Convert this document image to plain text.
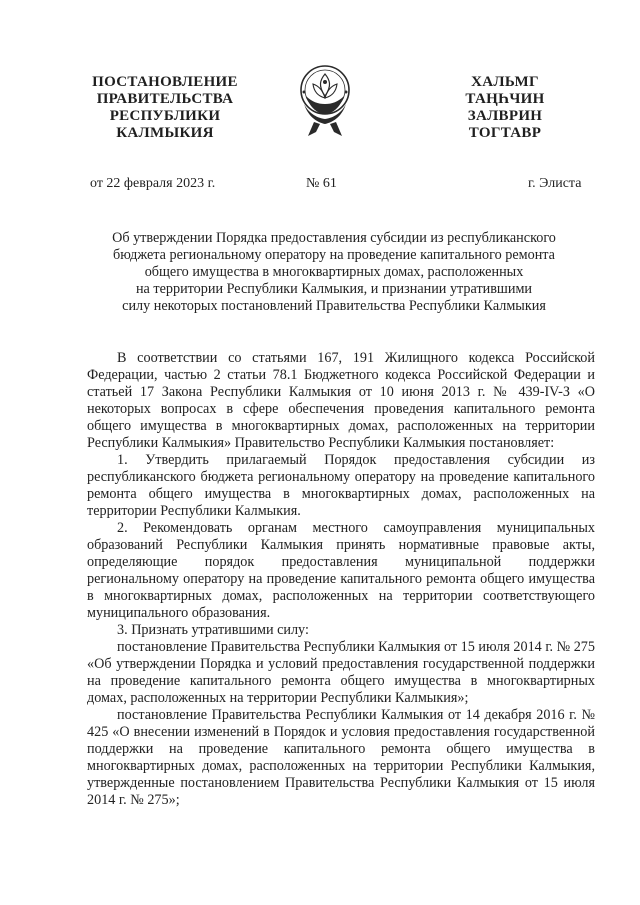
ПОСТАНОВЛЕНИЕ
ПРАВИТЕЛЬСТВА
РЕСПУБЛИКИ
КАЛМЫКИЯ
ХАЛЬМГ
ТАҢҺЧИН
ЗАЛВРИН
ТОГТАВР
от 22 февраля 2023 г.	№ 61	г. Элиста
Об утверждении Порядка предоставления субсидии из республиканского
бюджета региональному оператору на проведение капитального ремонта
общего имущества в многоквартирных домах, расположенных
на территории Республики Калмыкия, и признании утратившими
силу некоторых постановлений Правительства Республики Калмыкия

В соответствии со статьями 167, 191 Жилищного кодекса Российской Федерации, частью 2 статьи 78.1 Бюджетного кодекса Российской Федерации и статьей 17 Закона Республики Калмыкия от 10 июня 2013 г. № 439-IV-З «О некоторых вопросах в сфере обеспечения проведения капитального ремонта общего имущества в многоквартирных домах, расположенных на территории Республики Калмыкия» Правительство Республики Калмыкия постановляет:

1. Утвердить прилагаемый Порядок предоставления субсидии из республиканского бюджета региональному оператору на проведение капитального ремонта общего имущества в многоквартирных домах, расположенных на территории Республики Калмыкия.

2. Рекомендовать органам местного самоуправления муниципальных образований Республики Калмыкия принять нормативные правовые акты, определяющие порядок предоставления муниципальной поддержки региональному оператору на проведение капитального ремонта общего имущества в многоквартирных домах, расположенных на территории соответствующего муниципального образования.

3. Признать утратившими силу:

постановление Правительства Республики Калмыкия от 15 июля 2014 г. № 275 «Об утверждении Порядка и условий предоставления государственной поддержки на проведение капитального ремонта общего имущества в многоквартирных домах, расположенных на территории Республики Калмыкия»;

постановление Правительства Республики Калмыкия от 14 декабря 2016 г. № 425 «О внесении изменений в Порядок и условия предоставления государственной поддержки на проведение капитального ремонта общего имущества в многоквартирных домах, расположенных на территории Республики Калмыкия, утвержденные постановлением Правительства Республики Калмыкия от 15 июля 2014 г. № 275»;
